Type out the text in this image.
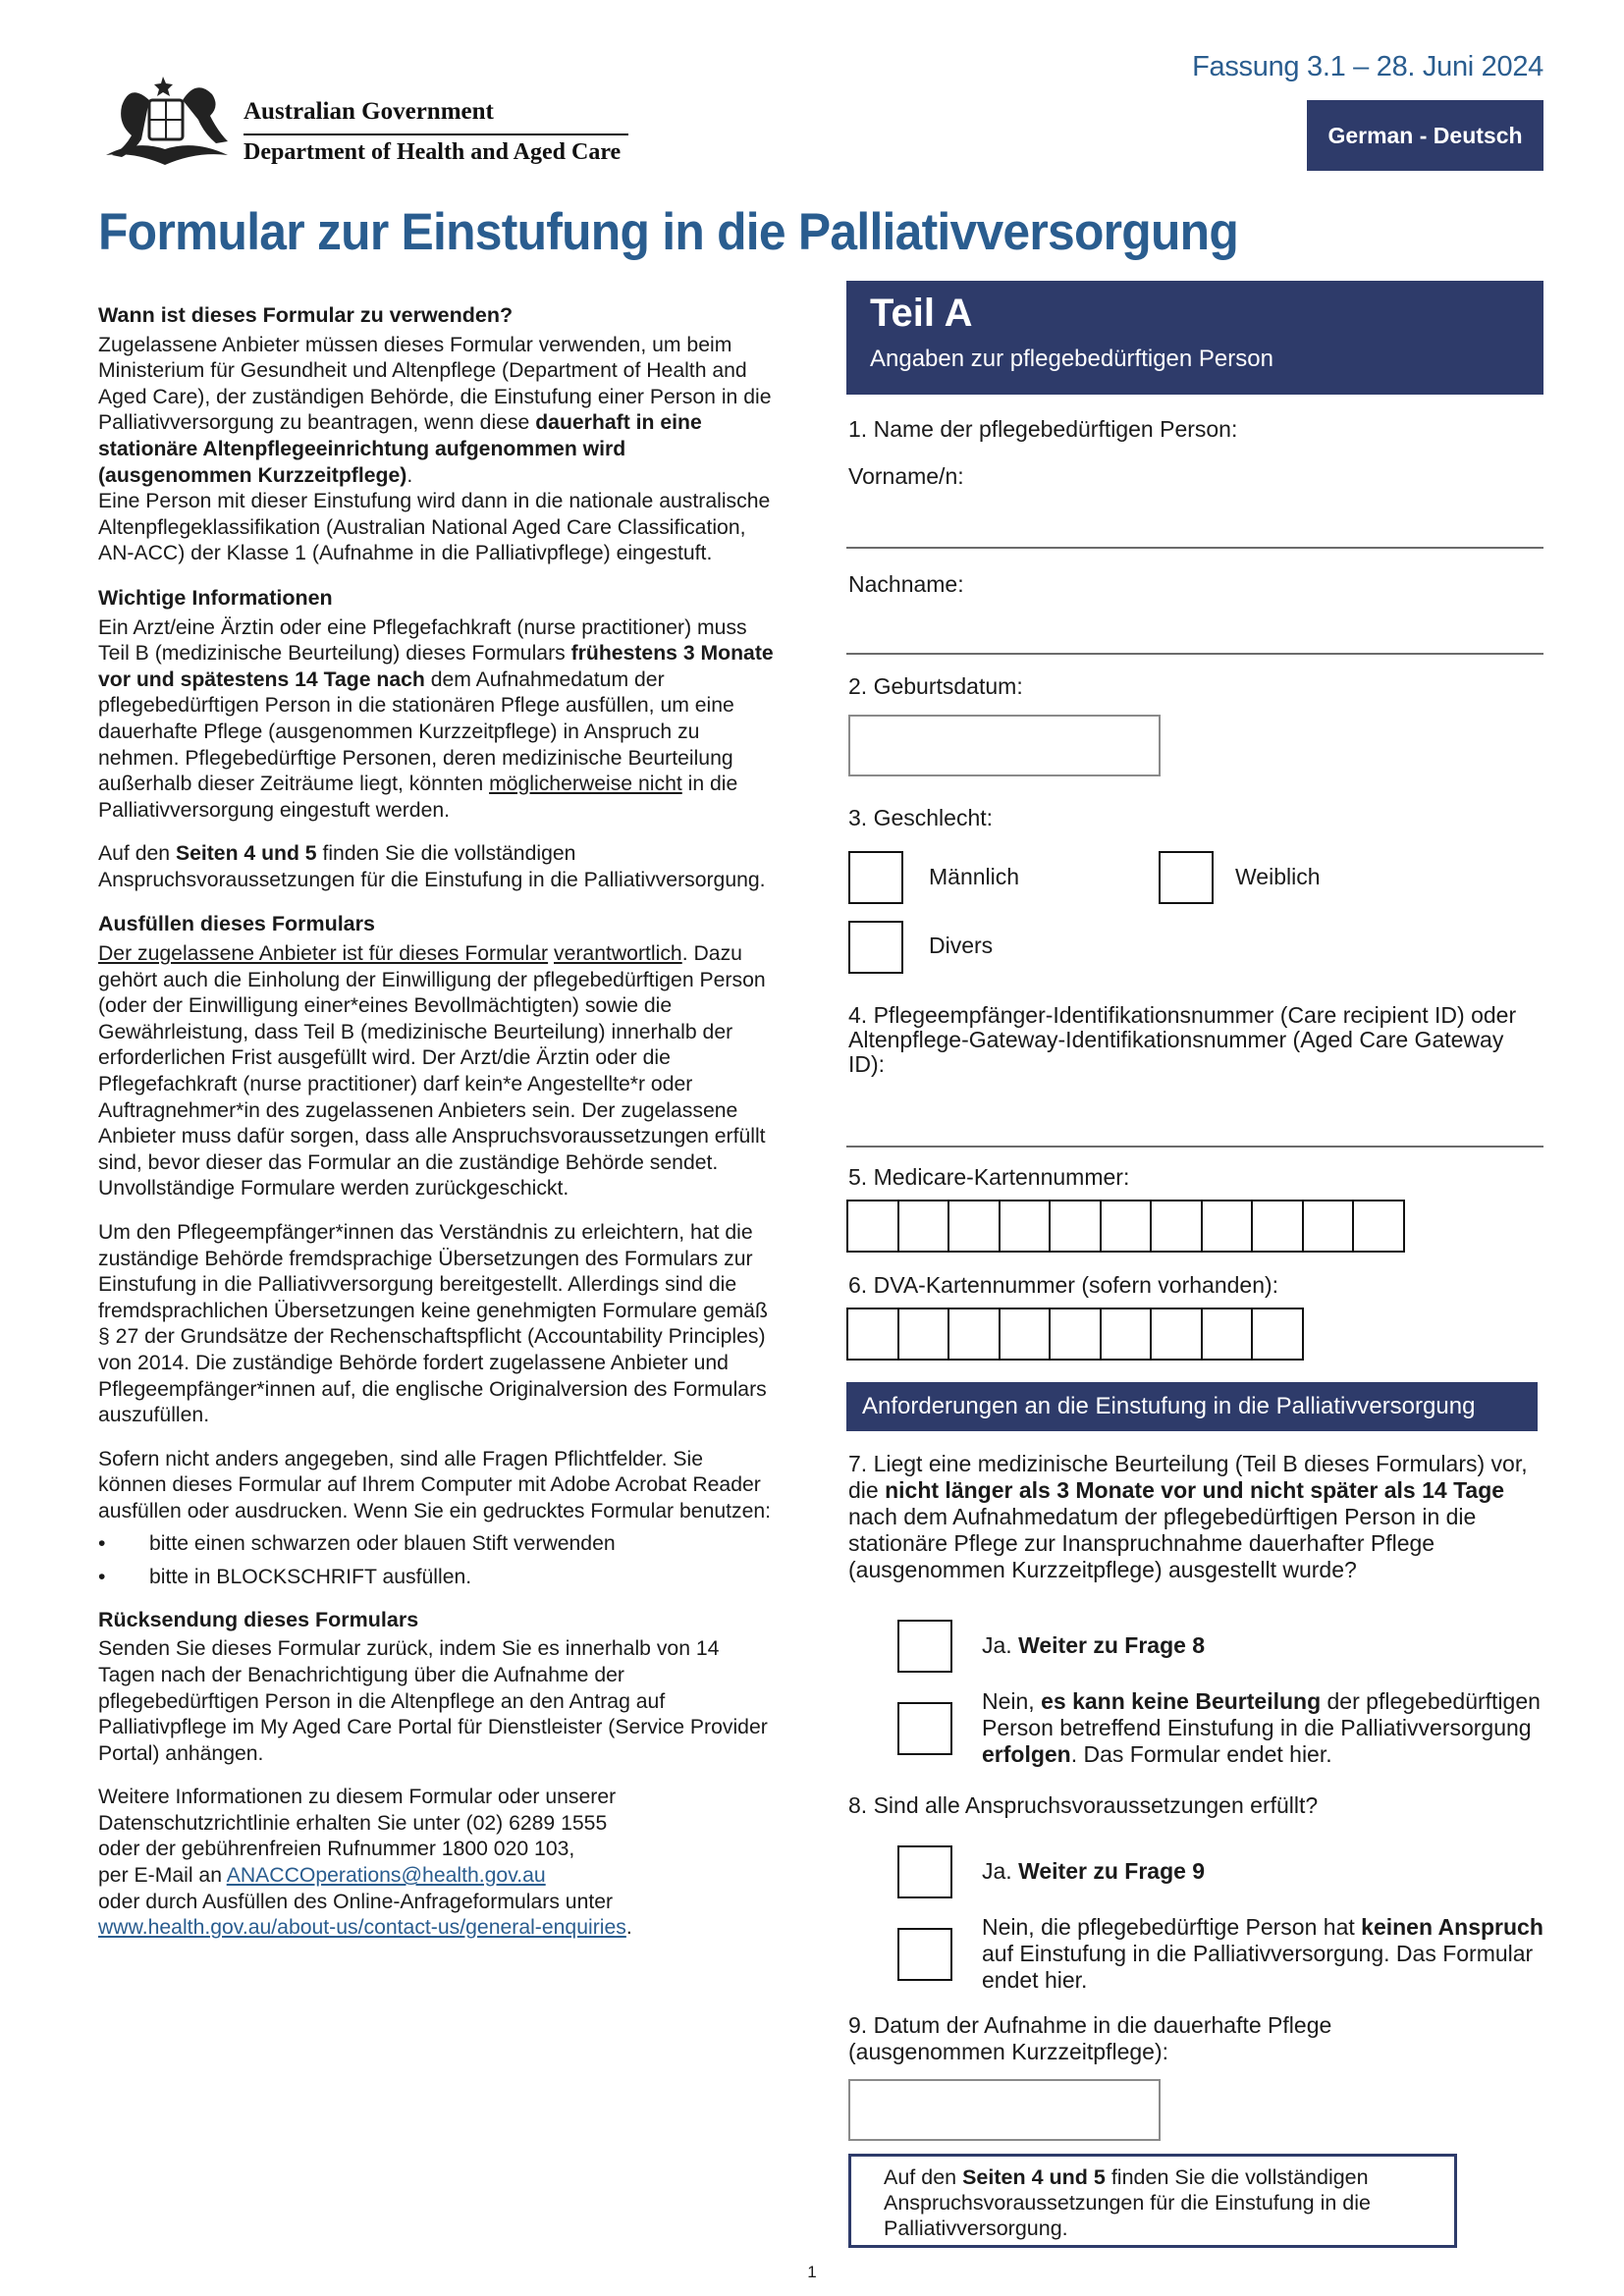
Australian Government
Department of Health and Aged Care
Fassung 3.1 – 28. Juni 2024
German - Deutsch
Formular zur Einstufung in die Palliativversorgung
Wann ist dieses Formular zu verwenden?

Zugelassene Anbieter müssen dieses Formular verwenden, um beim Ministerium für Gesundheit und Altenpflege (Department of Health and Aged Care), der zuständigen Behörde, die Einstufung einer Person in die Palliativversorgung zu beantragen, wenn diese dauerhaft in eine stationäre Altenpflegeeinrichtung aufgenommen wird (ausgenommen Kurzzeitpflege).

Eine Person mit dieser Einstufung wird dann in die nationale australische Altenpflegeklassifikation (Australian National Aged Care Classification, AN-ACC) der Klasse 1 (Aufnahme in die Palliativpflege) eingestuft.

Wichtige Informationen

Ein Arzt/eine Ärztin oder eine Pflegefachkraft (nurse practitioner) muss Teil B (medizinische Beurteilung) dieses Formulars frühestens 3 Monate vor und spätestens 14 Tage nach dem Aufnahmedatum der pflegebedürftigen Person in die stationären Pflege ausfüllen, um eine dauerhafte Pflege (ausgenommen Kurzzeitpflege) in Anspruch zu nehmen. Pflegebedürftige Personen, deren medizinische Beurteilung außerhalb dieser Zeiträume liegt, könnten möglicherweise nicht in die Palliativversorgung eingestuft werden.

Auf den Seiten 4 und 5 finden Sie die vollständigen Anspruchsvoraussetzungen für die Einstufung in die Palliativversorgung.

Ausfüllen dieses Formulars

Der zugelassene Anbieter ist für dieses Formular verantwortlich. Dazu gehört auch die Einholung der Einwilligung der pflegebedürftigen Person (oder der Einwilligung einer*eines Bevollmächtigten) sowie die Gewährleistung, dass Teil B (medizinische Beurteilung) innerhalb der erforderlichen Frist ausgefüllt wird. Der Arzt/die Ärztin oder die Pflegefachkraft (nurse practitioner) darf kein*e Angestellte*r oder Auftragnehmer*in des zugelassenen Anbieters sein. Der zugelassene Anbieter muss dafür sorgen, dass alle Anspruchsvoraussetzungen erfüllt sind, bevor dieser das Formular an die zuständige Behörde sendet. Unvollständige Formulare werden zurückgeschickt.

Um den Pflegeempfänger*innen das Verständnis zu erleichtern, hat die zuständige Behörde fremdsprachige Übersetzungen des Formulars zur Einstufung in die Palliativversorgung bereitgestellt. Allerdings sind die fremdsprachlichen Übersetzungen keine genehmigten Formulare gemäß § 27 der Grundsätze der Rechenschaftspflicht (Accountability Principles) von 2014. Die zuständige Behörde fordert zugelassene Anbieter und Pflegeempfänger*innen auf, die englische Originalversion des Formulars auszufüllen.

Sofern nicht anders angegeben, sind alle Fragen Pflichtfelder. Sie können dieses Formular auf Ihrem Computer mit Adobe Acrobat Reader ausfüllen oder ausdrucken. Wenn Sie ein gedrucktes Formular benutzen:

• bitte einen schwarzen oder blauen Stift verwenden
• bitte in BLOCKSCHRIFT ausfüllen.
Rücksendung dieses Formulars

Senden Sie dieses Formular zurück, indem Sie es innerhalb von 14 Tagen nach der Benachrichtigung über die Aufnahme der pflegebedürftigen Person in die Altenpflege an den Antrag auf Palliativpflege im My Aged Care Portal für Dienstleister (Service Provider Portal) anhängen.

Weitere Informationen zu diesem Formular oder unserer
Datenschutzrichtlinie erhalten Sie unter (02) 6289 1555
oder der gebührenfreien Rufnummer 1800 020 103,
per E-Mail an ANACCOperations@health.gov.au
oder durch Ausfüllen des Online-Anfrageformulars unter
www.health.gov.au/about-us/contact-us/general-enquiries.

Teil A
Angaben zur pflegebedürftigen Person
1. Name der pflegebedürftigen Person:
Vorname/n:
Nachname:
2. Geburtsdatum:
3. Geschlecht:
Männlich	Weiblich
Divers
4. Pflegeempfänger-Identifikationsnummer (Care recipient ID) oder Altenpflege-Gateway-Identifikationsnummer (Aged Care Gateway ID):
5. Medicare-Kartennummer:
6. DVA-Kartennummer (sofern vorhanden):
Anforderungen an die Einstufung in die Palliativversorgung
7. Liegt eine medizinische Beurteilung (Teil B dieses Formulars) vor, die nicht länger als 3 Monate vor und nicht später als 14 Tage nach dem Aufnahmedatum der pflegebedürftigen Person in die stationäre Pflege zur Inanspruchnahme dauerhafter Pflege (ausgenommen Kurzzeitpflege) ausgestellt wurde?
Ja. Weiter zu Frage 8
Nein, es kann keine Beurteilung der pflegebedürftigen Person betreffend Einstufung in die Palliativversorgung erfolgen. Das Formular endet hier.
8. Sind alle Anspruchsvoraussetzungen erfüllt?
Ja. Weiter zu Frage 9
Nein, die pflegebedürftige Person hat keinen Anspruch auf Einstufung in die Palliativversorgung. Das Formular endet hier.
9. Datum der Aufnahme in die dauerhafte Pflege (ausgenommen Kurzzeitpflege):
Auf den Seiten 4 und 5 finden Sie die vollständigen Anspruchsvoraussetzungen für die Einstufung in die Palliativversorgung.
1
